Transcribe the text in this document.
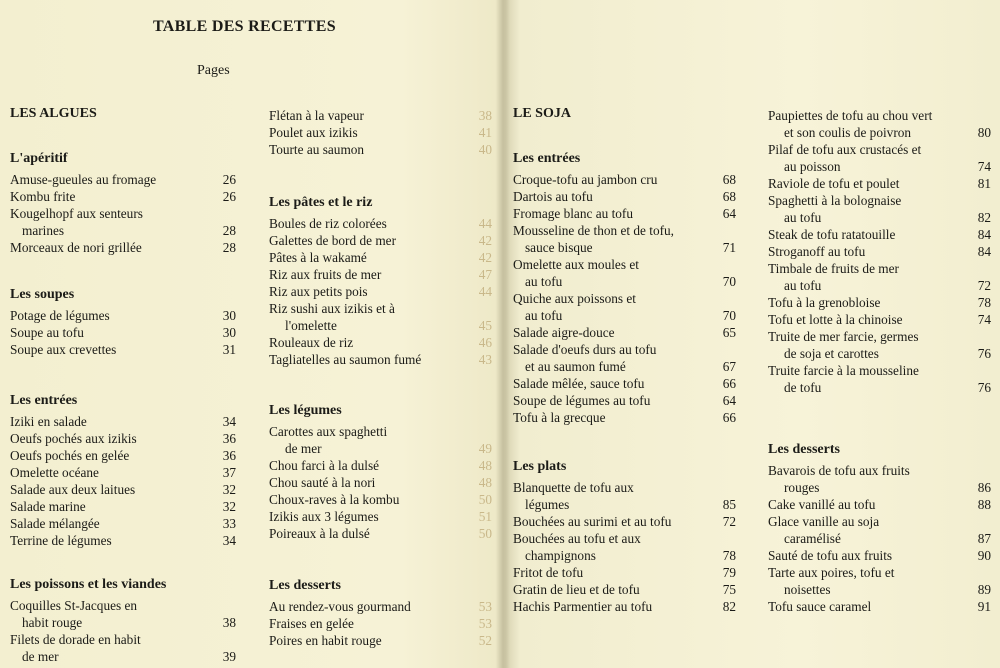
TABLE DES RECETTES
Pages
LES ALGUES
L'apéritif
Amuse-gueules au fromage	26
Kombu frite	26
Kougelhopf aux senteurs
marines	28
Morceaux de nori grillée	28
Les soupes
Potage de légumes	30
Soupe au tofu	30
Soupe aux crevettes	31
Les entrées
Iziki en salade	34
Oeufs pochés aux izikis	36
Oeufs pochés en gelée	36
Omelette océane	37
Salade aux deux laitues	32
Salade marine	32
Salade mélangée	33
Terrine de légumes	34
Les poissons et les viandes
Coquilles St-Jacques en
habit rouge	38
Filets de dorade en habit
de mer	39
Flétan à la vapeur	38
Poulet aux izikis	41
Tourte au saumon	40
Les pâtes et le riz
Boules de riz colorées	44
Galettes de bord de mer	42
Pâtes à la wakamé	42
Riz aux fruits de mer	47
Riz aux petits pois	44
Riz sushi aux izikis et à
l'omelette	45
Rouleaux de riz	46
Tagliatelles au saumon fumé	43
Les légumes
Carottes aux spaghetti
de mer	49
Chou farci à la dulsé	48
Chou sauté à la nori	48
Choux-raves à la kombu	50
Izikis aux 3 légumes	51
Poireaux à la dulsé	50
Les desserts
Au rendez-vous gourmand	53
Fraises en gelée	53
Poires en habit rouge	52
LE SOJA
Les entrées
Croque-tofu au jambon cru	68
Dartois au tofu	68
Fromage blanc au tofu	64
Mousseline de thon et de tofu,
sauce bisque	71
Omelette aux moules et
au tofu	70
Quiche aux poissons et
au tofu	70
Salade aigre-douce	65
Salade d'oeufs durs au tofu
et au saumon fumé	67
Salade mêlée, sauce tofu	66
Soupe de légumes au tofu	64
Tofu à la grecque	66
Les plats
Blanquette de tofu aux
légumes	85
Bouchées au surimi et au tofu	72
Bouchées au tofu et aux
champignons	78
Fritot de tofu	79
Gratin de lieu et de tofu	75
Hachis Parmentier au tofu	82
Paupiettes de tofu au chou vert
et son coulis de poivron	80
Pilaf de tofu aux crustacés et
au poisson	74
Raviole de tofu et poulet	81
Spaghetti à la bolognaise
au tofu	82
Steak de tofu ratatouille	84
Stroganoff au tofu	84
Timbale de fruits de mer
au tofu	72
Tofu à la grenobloise	78
Tofu et lotte à la chinoise	74
Truite de mer farcie, germes
de soja et carottes	76
Truite farcie à la mousseline
de tofu	76
Les desserts
Bavarois de tofu aux fruits
rouges	86
Cake vanillé au tofu	88
Glace vanille au soja
caramélisé	87
Sauté de tofu aux fruits	90
Tarte aux poires, tofu et
noisettes	89
Tofu sauce caramel	91
